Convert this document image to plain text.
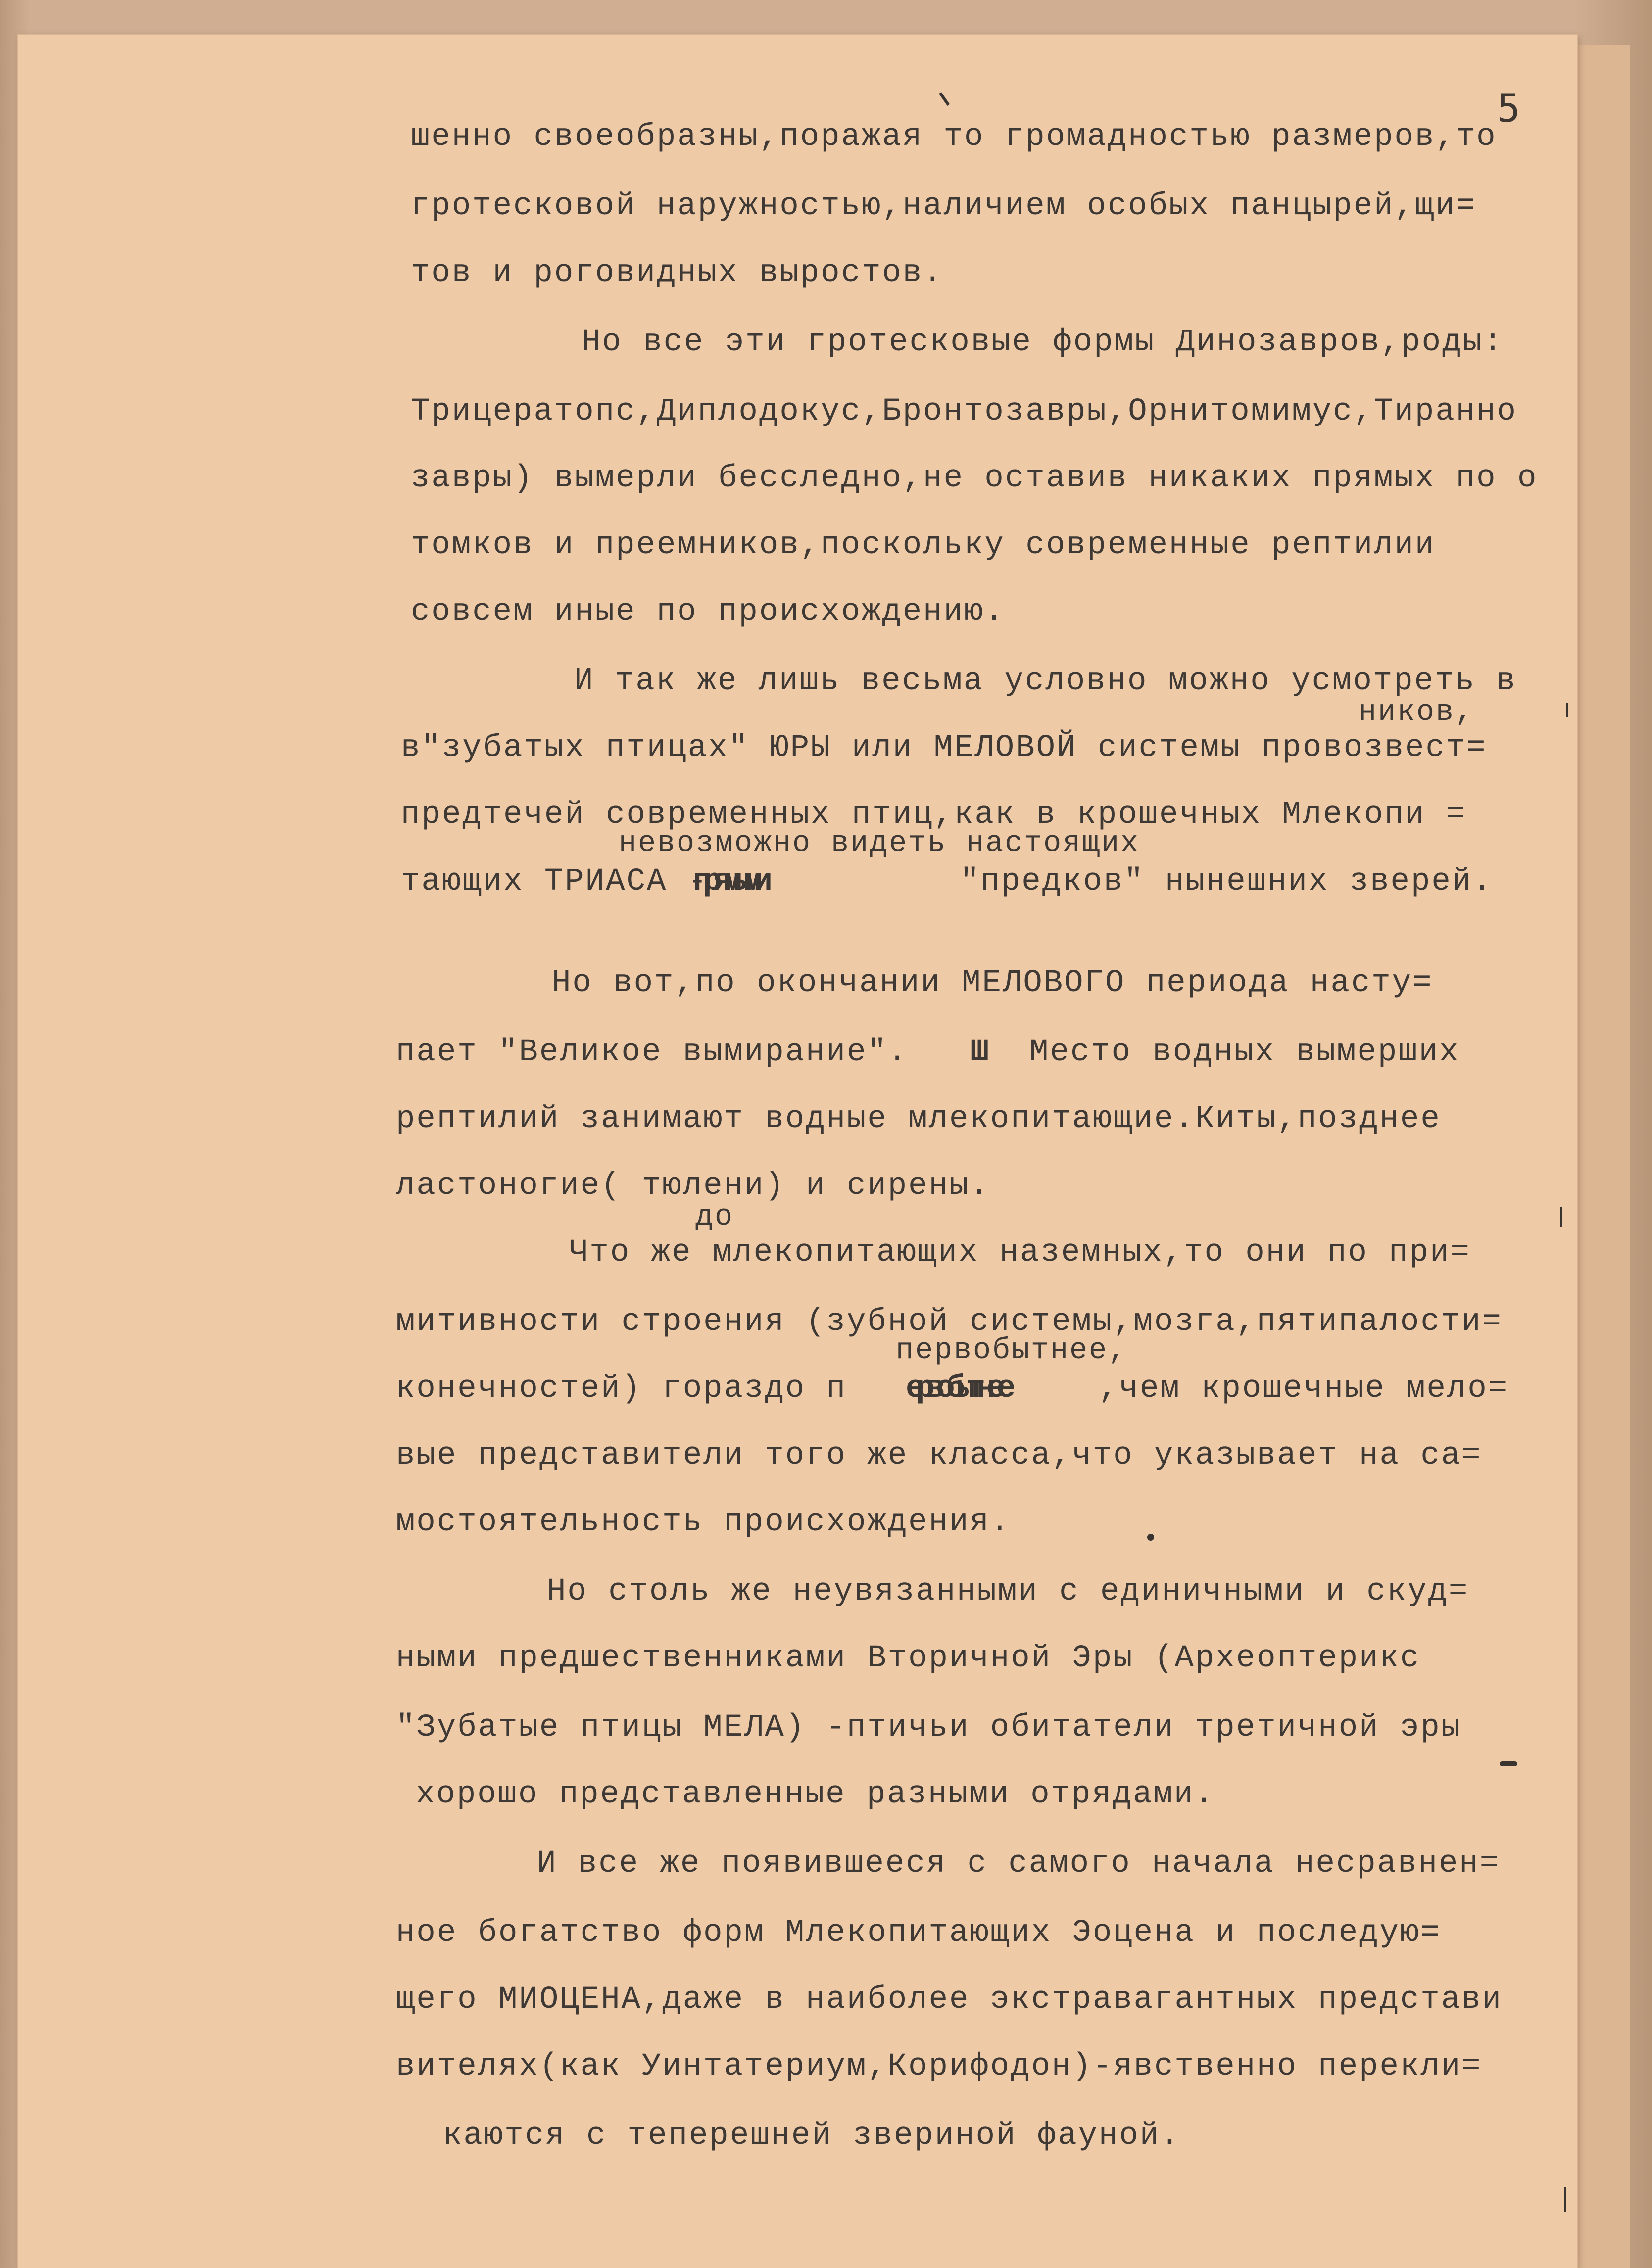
5
шенно своеобразны,поражая то громадностью размеров,то
гротесковой наружностью,наличием особых панцырей,щи=
тов и роговидных выростов.
Но все эти гротесковые формы Динозавров,роды:
Трицератопс,Диплодокус,Бронтозавры,Орнитомимус,Тиранно
завры) вымерли бесследно,не оставив никаких прямых по о
томков и преемников,поскольку современные рептилии
совсем иные по происхождению.
И так же лишь весьма условно можно усмотреть в
ников,
в"зубатых птицах" ЮРЫ или МЕЛОВОЙ системы провозвест=
предтечей современных птиц,как в крошечных Млекопи =
невозможно видеть настоящих
тающих ТРИАСА -
прямыми	"предков" нынешних зверей.
Но вот,по окончании МЕЛОВОГО периода насту=
пает "Великое вымирание". Ш Место водных вымерших
рептилий занимают водные млекопитающие.Киты,позднее
ластоногие( тюлени) и сирены.
до
Что же млекопитающих наземных,то они по при=
митивности строения (зубной системы,мозга,пятипалости=
первобытнее,
конечностей) гораздо п ервобытнее	,чем крошечные мело=
вые представители того же класса,что указывает на са=
мостоятельность происхождения.
Но столь же неувязанными с единичными и скуд=
ными предшественниками Вторичной Эры (Археоптерикс
"Зубатые птицы МЕЛА) -птичьи обитатели третичной эры
хорошо представленные разными отрядами.
И все же появившееся с самого начала несравнен=
ное богатство форм Млекопитающих Эоцена и последую=
щего МИОЦЕНА,даже в наиболее экстравагантных представи
вителях(как Уинтатериум,Корифодон)-явственно перекли=
каются с теперешней звериной фауной.
